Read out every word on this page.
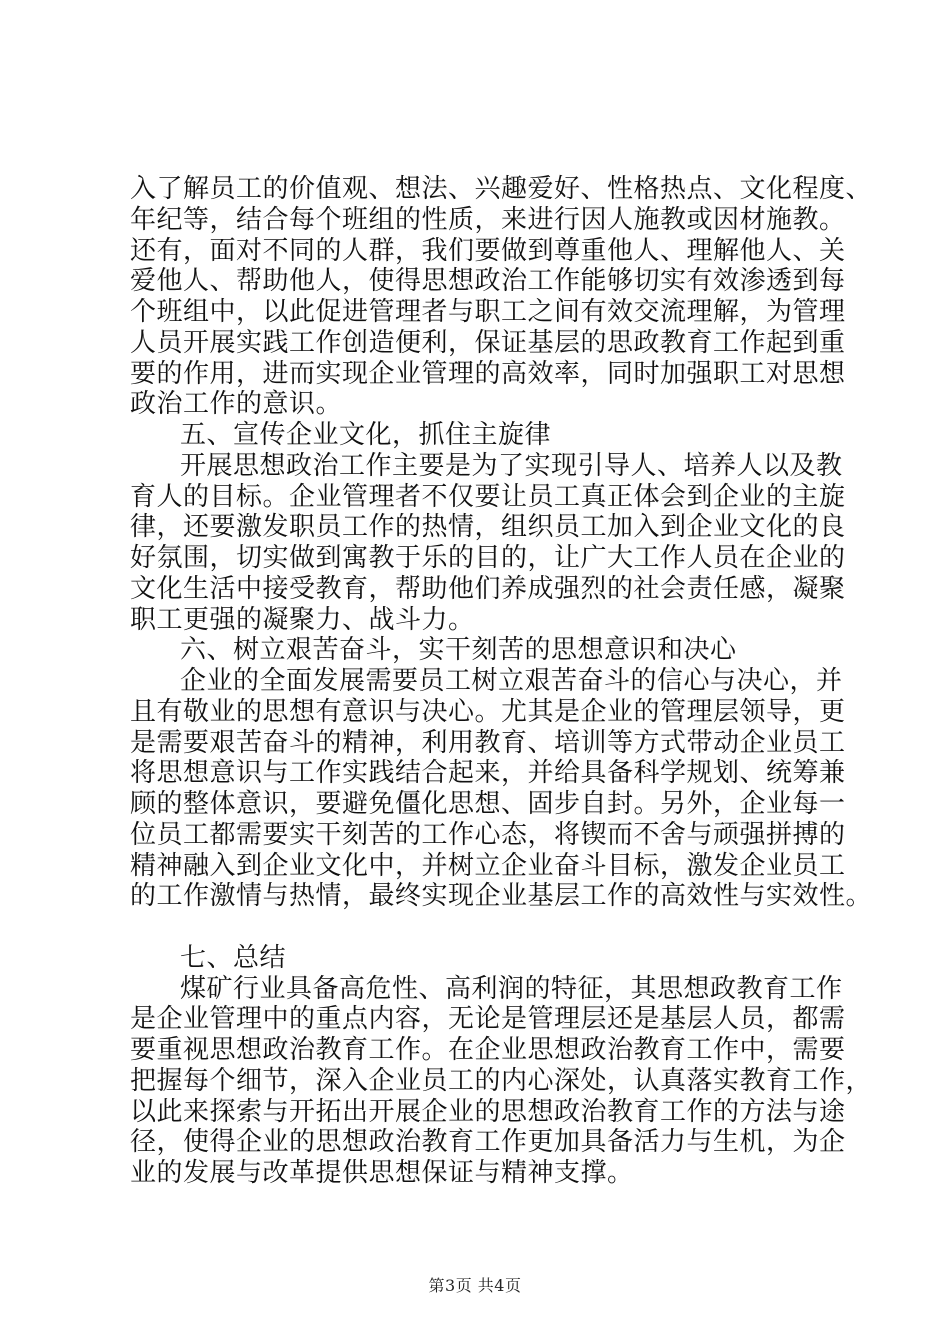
入了解员工的价值观、想法、兴趣爱好、性格热点、文化程度、
年纪等，结合每个班组的性质，来进行因人施教或因材施教。
还有，面对不同的人群，我们要做到尊重他人、理解他人、关
爱他人、帮助他人，使得思想政治工作能够切实有效渗透到每
个班组中，以此促进管理者与职工之间有效交流理解，为管理
人员开展实践工作创造便利，保证基层的思政教育工作起到重
要的作用，进而实现企业管理的高效率，同时加强职工对思想
政治工作的意识。
五、宣传企业文化，抓住主旋律
开展思想政治工作主要是为了实现引导人、培养人以及教
育人的目标。企业管理者不仅要让员工真正体会到企业的主旋
律，还要激发职员工作的热情，组织员工加入到企业文化的良
好氛围，切实做到寓教于乐的目的，让广大工作人员在企业的
文化生活中接受教育，帮助他们养成强烈的社会责任感，凝聚
职工更强的凝聚力、战斗力。
六、树立艰苦奋斗，实干刻苦的思想意识和决心
企业的全面发展需要员工树立艰苦奋斗的信心与决心，并
且有敬业的思想有意识与决心。尤其是企业的管理层领导，更
是需要艰苦奋斗的精神，利用教育、培训等方式带动企业员工
将思想意识与工作实践结合起来，并给具备科学规划、统筹兼
顾的整体意识，要避免僵化思想、固步自封。另外，企业每一
位员工都需要实干刻苦的工作心态，将锲而不舍与顽强拼搏的
精神融入到企业文化中，并树立企业奋斗目标，激发企业员工
的工作激情与热情，最终实现企业基层工作的高效性与实效性。
七、总结
煤矿行业具备高危性、高利润的特征，其思想政教育工作
是企业管理中的重点内容，无论是管理层还是基层人员，都需
要重视思想政治教育工作。在企业思想政治教育工作中，需要
把握每个细节，深入企业员工的内心深处，认真落实教育工作，
以此来探索与开拓出开展企业的思想政治教育工作的方法与途
径，使得企业的思想政治教育工作更加具备活力与生机，为企
业的发展与改革提供思想保证与精神支撑。
第3页 共4页
